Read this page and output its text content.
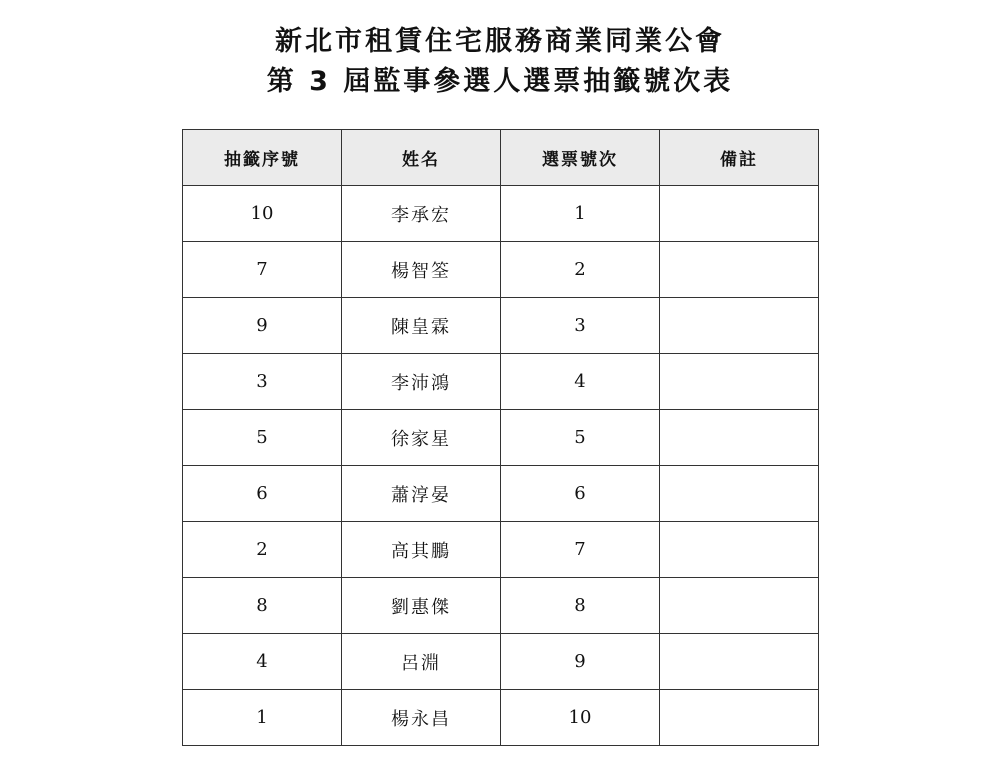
新北市租賃住宅服務商業同業公會
第 3 屆監事參選人選票抽籤號次表
抽籤序號	姓名	選票號次	備註
10	李承宏	1	
7	楊智筌	2	
9	陳皇霖	3	
3	李沛鴻	4	
5	徐家星	5	
6	蕭淳晏	6	
2	高其鵬	7	
8	劉惠傑	8	
4	呂淵	9	
1	楊永昌	10	
